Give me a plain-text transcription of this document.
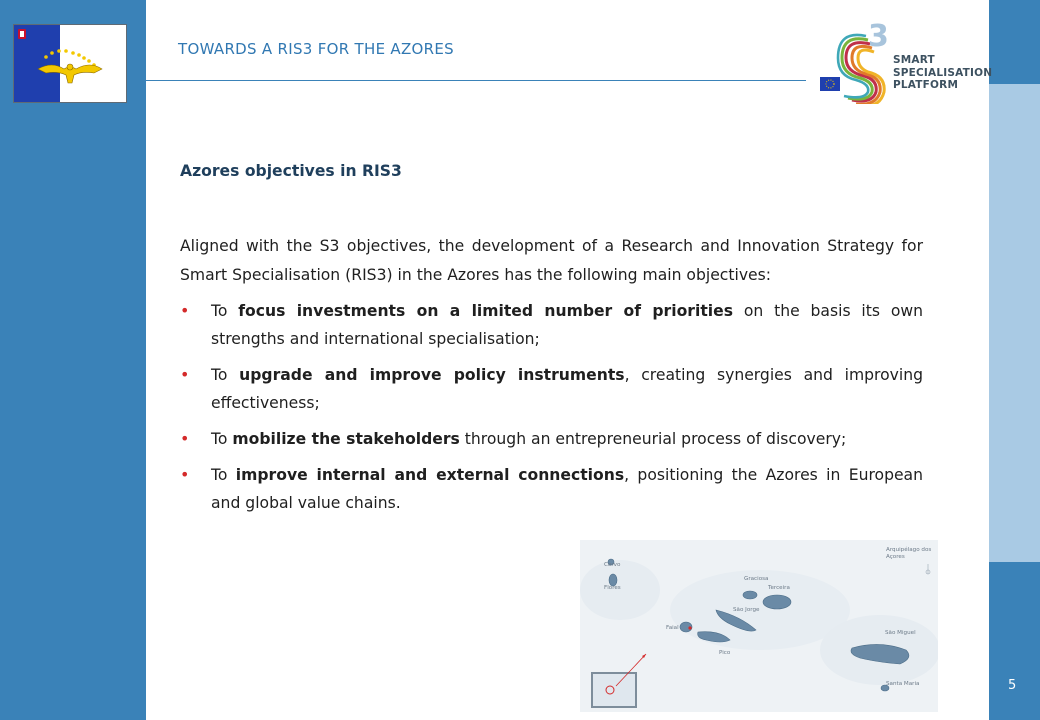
TOWARDS A RIS3 FOR THE AZORES	3
SMART
SPECIALISATION
PLATFORM
Azores objectives in RIS3

Aligned with the S3 objectives, the development of a Research and Innovation Strategy for Smart Specialisation (RIS3) in the Azores has the following main objectives:

• To focus investments on a limited number of priorities on the basis its own strengths and international specialisation;
• To upgrade and improve policy instruments, creating synergies and improving effectiveness;
• To mobilize the stakeholders through an entrepreneurial process of discovery;
• To improve internal and external connections, positioning the Azores in European and global value chains.
Arquipélago dos
Açores
Corvo
Flores
Graciosa
Terceira
São Jorge
Faial
Pico
São Miguel
Santa Maria	5
